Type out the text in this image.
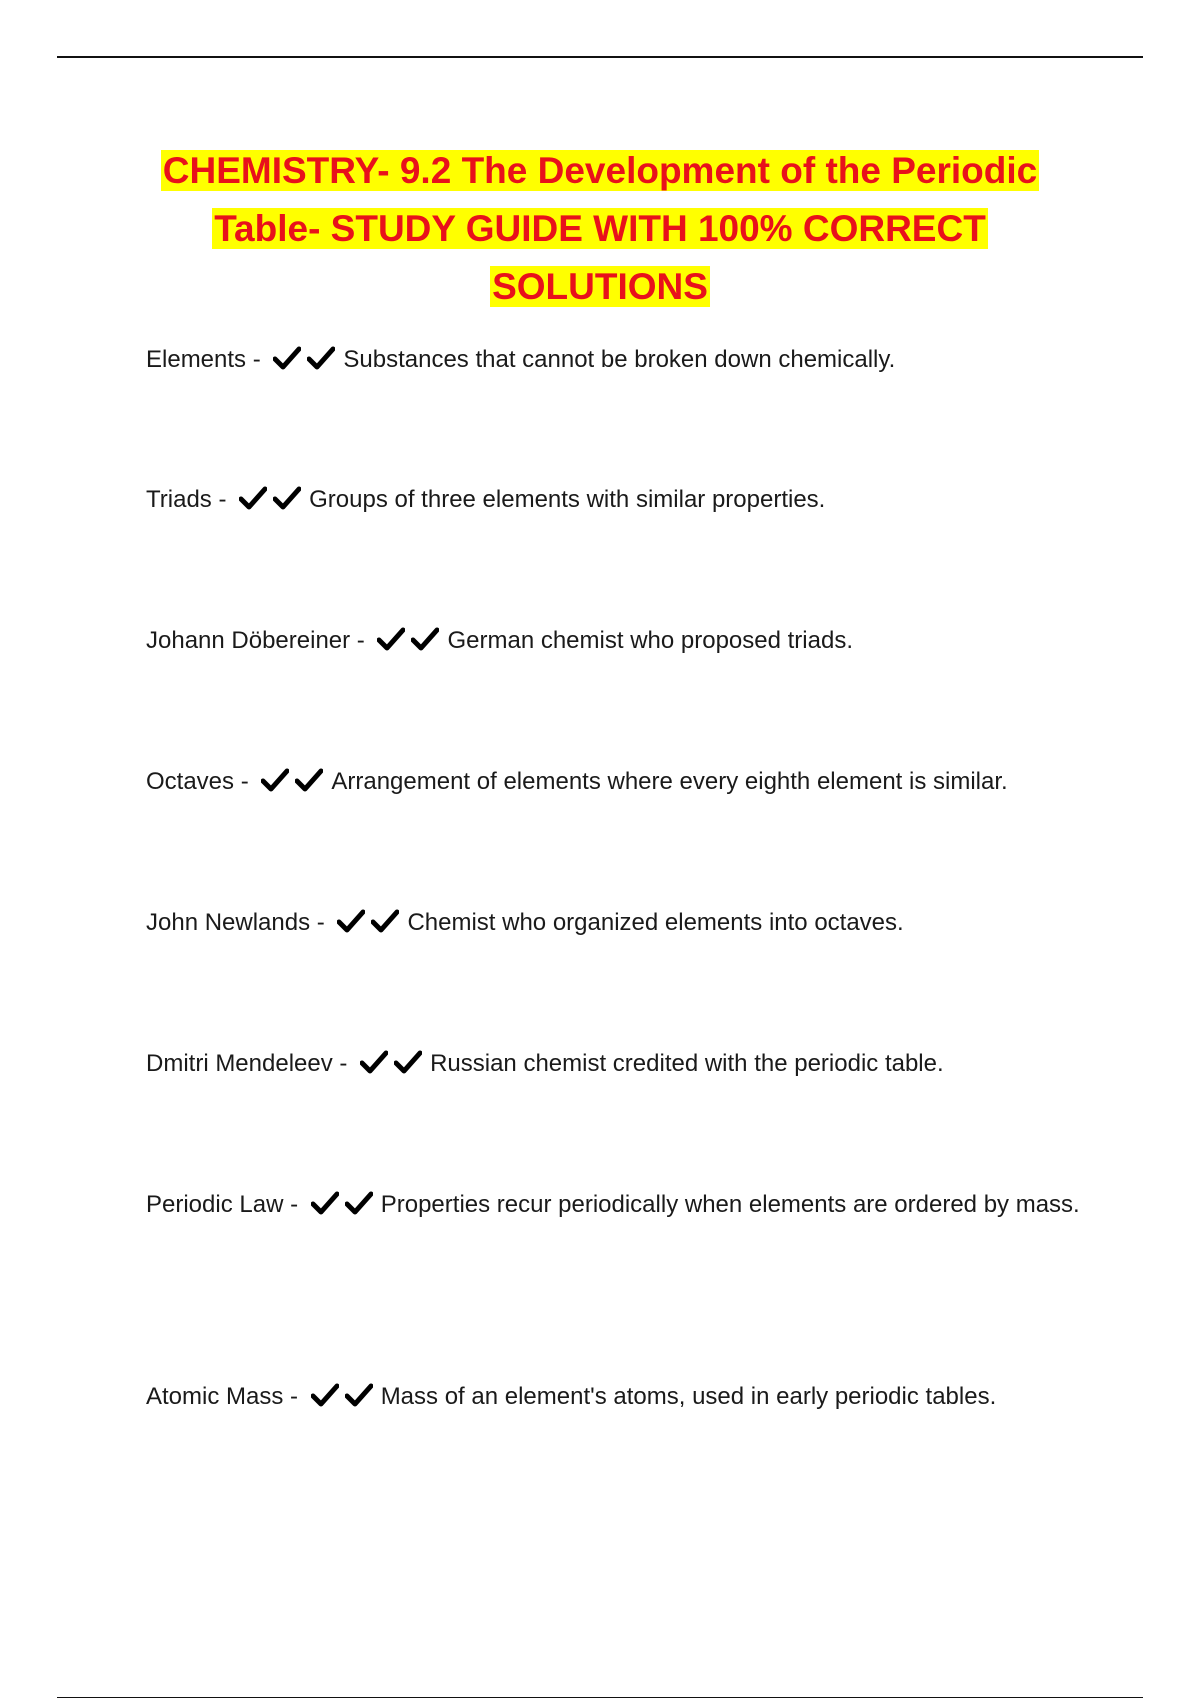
CHEMISTRY- 9.2 The Development of the Periodic
Table- STUDY GUIDE WITH 100% CORRECT
SOLUTIONS
Elements -	Substances that cannot be broken down chemically.
Triads -	Groups of three elements with similar properties.
Johann Döbereiner -	German chemist who proposed triads.
Octaves -	Arrangement of elements where every eighth element is similar.
John Newlands -	Chemist who organized elements into octaves.
Dmitri Mendeleev -	Russian chemist credited with the periodic table.
Periodic Law -	Properties recur periodically when elements are ordered by mass.
Atomic Mass -	Mass of an element's atoms, used in early periodic tables.
